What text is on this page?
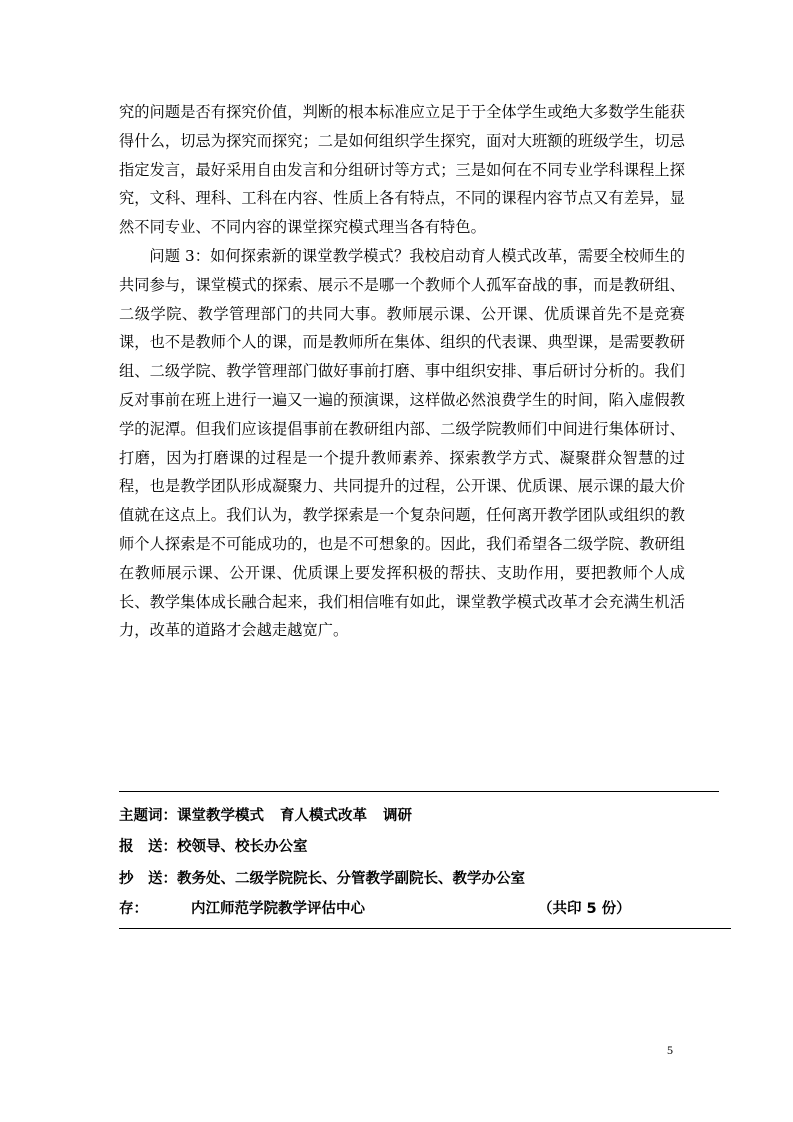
究的问题是否有探究价值，判断的根本标准应立足于于全体学生或绝大多数学生能获得什么，切忌为探究而探究；二是如何组织学生探究，面对大班额的班级学生，切忌指定发言，最好采用自由发言和分组研讨等方式；三是如何在不同专业学科课程上探究，文科、理科、工科在内容、性质上各有特点，不同的课程内容节点又有差异，显然不同专业、不同内容的课堂探究模式理当各有特色。

问题 3：如何探索新的课堂教学模式？我校启动育人模式改革，需要全校师生的共同参与，课堂模式的探索、展示不是哪一个教师个人孤军奋战的事，而是教研组、二级学院、教学管理部门的共同大事。教师展示课、公开课、优质课首先不是竞赛课，也不是教师个人的课，而是教师所在集体、组织的代表课、典型课，是需要教研组、二级学院、教学管理部门做好事前打磨、事中组织安排、事后研讨分析的。我们反对事前在班上进行一遍又一遍的预演课，这样做必然浪费学生的时间，陷入虚假教学的泥潭。但我们应该提倡事前在教研组内部、二级学院教师们中间进行集体研讨、打磨，因为打磨课的过程是一个提升教师素养、探索教学方式、凝聚群众智慧的过程，也是教学团队形成凝聚力、共同提升的过程，公开课、优质课、展示课的最大价值就在这点上。我们认为，教学探索是一个复杂问题，任何离开教学团队或组织的教师个人探索是不可能成功的，也是不可想象的。因此，我们希望各二级学院、教研组在教师展示课、公开课、优质课上要发挥积极的帮扶、支助作用，要把教师个人成长、教学集体成长融合起来，我们相信唯有如此，课堂教学模式改革才会充满生机活力，改革的道路才会越走越宽广。

主题词：课堂教学模式 育人模式改革 调研
报　送：校领导、校长办公室
抄　送：教务处、二级学院院长、分管教学副院长、教学办公室
存：	内江师范学院教学评估中心	（共印 5 份）
5
